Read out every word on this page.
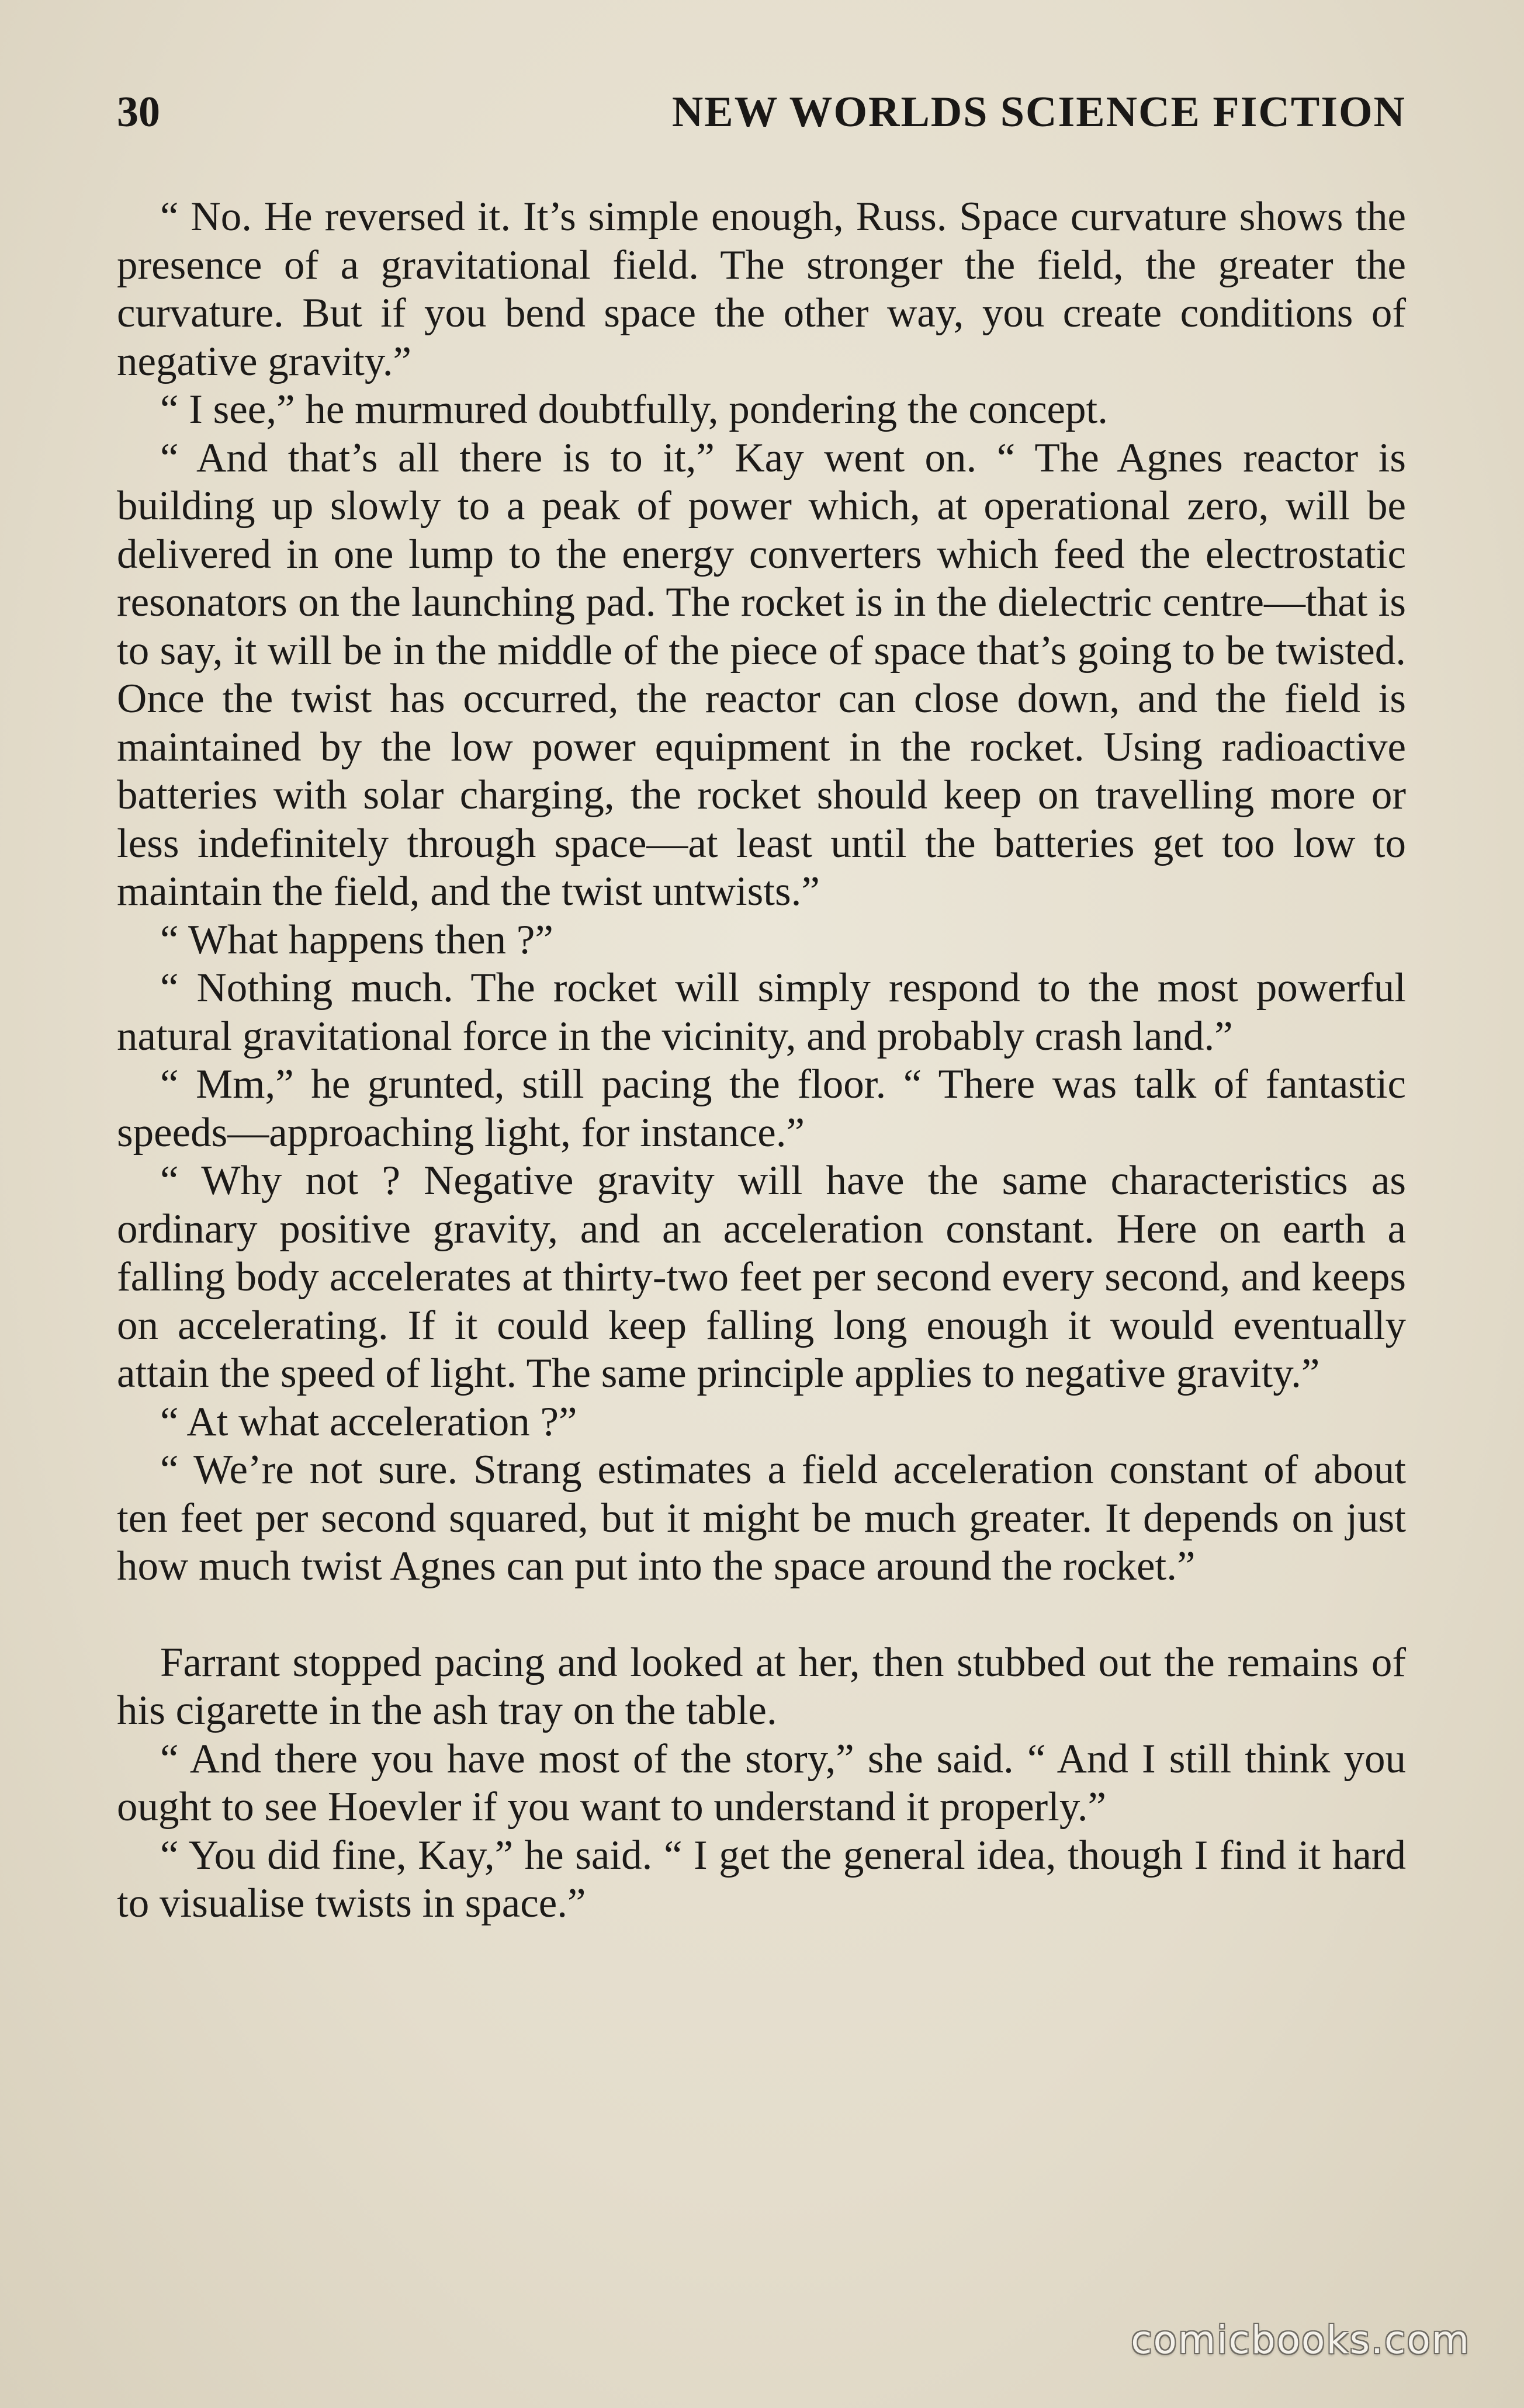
30	NEW WORLDS SCIENCE FICTION

“ No. He reversed it. It’s simple enough, Russ. Space curvature shows the presence of a gravitational field. The stronger the field, the greater the curvature. But if you bend space the other way, you create conditions of negative gravity.”

“ I see,” he murmured doubtfully, pondering the concept.

“ And that’s all there is to it,” Kay went on. “ The Agnes reactor is building up slowly to a peak of power which, at operational zero, will be delivered in one lump to the energy converters which feed the electrostatic resonators on the launching pad. The rocket is in the dielectric centre—that is to say, it will be in the middle of the piece of space that’s going to be twisted. Once the twist has occurred, the reactor can close down, and the field is maintained by the low power equipment in the rocket. Using radioactive batteries with solar charging, the rocket should keep on travelling more or less indefinitely through space—at least until the batteries get too low to maintain the field, and the twist untwists.”

“ What happens then ?”

“ Nothing much. The rocket will simply respond to the most powerful natural gravitational force in the vicinity, and probably crash land.”

“ Mm,” he grunted, still pacing the floor. “ There was talk of fantastic speeds—approaching light, for instance.”

“ Why not ? Negative gravity will have the same characteristics as ordinary positive gravity, and an acceleration constant. Here on earth a falling body accelerates at thirty-two feet per second every second, and keeps on accelerating. If it could keep falling long enough it would eventually attain the speed of light. The same principle applies to negative gravity.”

“ At what acceleration ?”

“ We’re not sure. Strang estimates a field acceleration constant of about ten feet per second squared, but it might be much greater. It depends on just how much twist Agnes can put into the space around the rocket.”

Farrant stopped pacing and looked at her, then stubbed out the remains of his cigarette in the ash tray on the table.

“ And there you have most of the story,” she said. “ And I still think you ought to see Hoevler if you want to understand it properly.”

“ You did fine, Kay,” he said. “ I get the general idea, though I find it hard to visualise twists in space.”

comicbooks.com
